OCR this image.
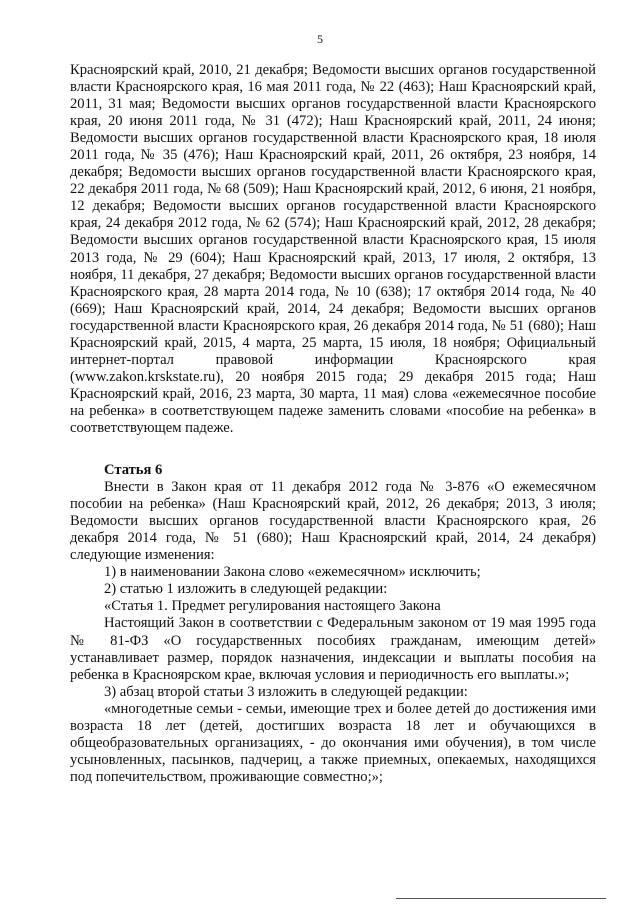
5

Красноярский край, 2010, 21 декабря; Ведомости высших органов государственной власти Красноярского края, 16 мая 2011 года, № 22 (463); Наш Красноярский край, 2011, 31 мая; Ведомости высших органов государственной власти Красноярского края, 20 июня 2011 года, № 31 (472); Наш Красноярский край, 2011, 24 июня; Ведомости высших органов государственной власти Красноярского края, 18 июля 2011 года, № 35 (476); Наш Красноярский край, 2011, 26 октября, 23 ноября, 14 декабря; Ведомости высших органов государственной власти Красноярского края, 22 декабря 2011 года, № 68 (509); Наш Красноярский край, 2012, 6 июня, 21 ноября, 12 декабря; Ведомости высших органов государственной власти Красноярского края, 24 декабря 2012 года, № 62 (574); Наш Красноярский край, 2012, 28 декабря; Ведомости высших органов государственной власти Красноярского края, 15 июля 2013 года, № 29 (604); Наш Красноярский край, 2013, 17 июля, 2 октября, 13 ноября, 11 декабря, 27 декабря; Ведомости высших органов государственной власти Красноярского края, 28 марта 2014 года, № 10 (638); 17 октября 2014 года, № 40 (669); Наш Красноярский край, 2014, 24 декабря; Ведомости высших органов государственной власти Красноярского края, 26 декабря 2014 года, № 51 (680); Наш Красноярский край, 2015, 4 марта, 25 марта, 15 июля, 18 ноября; Официальный интернет-портал правовой информации Красноярского края (www.zakon.krskstate.ru), 20 ноября 2015 года; 29 декабря 2015 года; Наш Красноярский край, 2016, 23 марта, 30 марта, 11 мая) слова «ежемесячное пособие на ребенка» в соответствующем падеже заменить словами «пособие на ребенка» в соответствующем падеже.

Статья 6

Внести в Закон края от 11 декабря 2012 года № 3-876 «О ежемесячном пособии на ребенка» (Наш Красноярский край, 2012, 26 декабря; 2013, 3 июля; Ведомости высших органов государственной власти Красноярского края, 26 декабря 2014 года, № 51 (680); Наш Красноярский край, 2014, 24 декабря) следующие изменения:

1) в наименовании Закона слово «ежемесячном» исключить;

2) статью 1 изложить в следующей редакции:

«Статья 1. Предмет регулирования настоящего Закона

Настоящий Закон в соответствии с Федеральным законом от 19 мая 1995 года № 81-ФЗ «О государственных пособиях гражданам, имеющим детей» устанавливает размер, порядок назначения, индексации и выплаты пособия на ребенка в Красноярском крае, включая условия и периодичность его выплаты.»;

3) абзац второй статьи 3 изложить в следующей редакции:

«многодетные семьи - семьи, имеющие трех и более детей до достижения ими возраста 18 лет (детей, достигших возраста 18 лет и обучающихся в общеобразовательных организациях, - до окончания ими обучения), в том числе усыновленных, пасынков, падчериц, а также приемных, опекаемых, находящихся под попечительством, проживающие совместно;»;
